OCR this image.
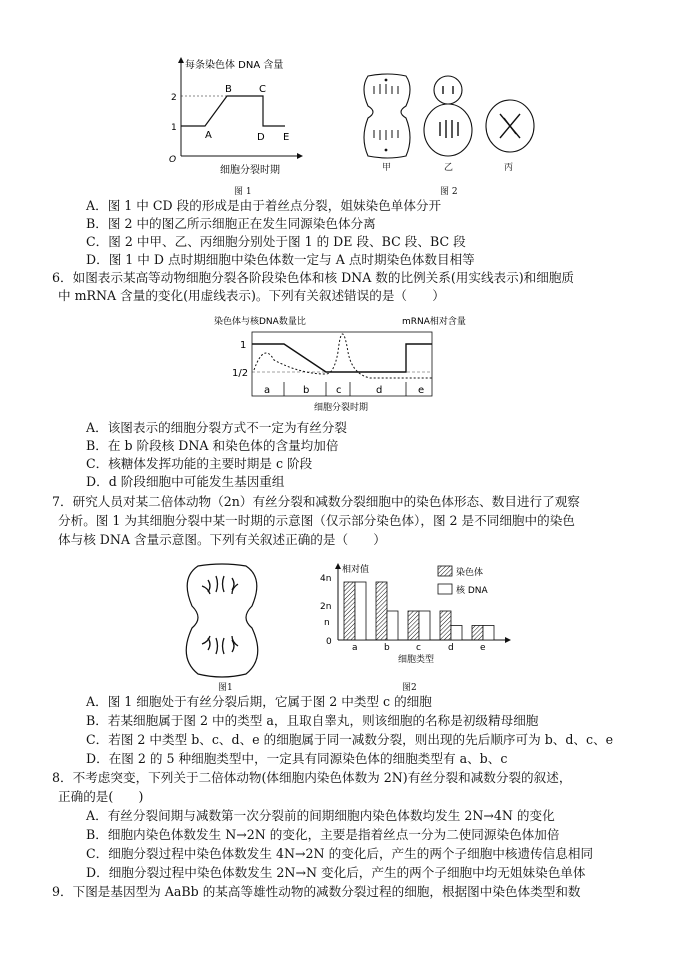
每条染色体 DNA 含量
2
1
O
A
B	C
D E
细胞分裂时期
图 1
甲	乙	丙
图 2
A．图 1 中 CD 段的形成是由于着丝点分裂，姐妹染色单体分开
B．图 2 中的图乙所示细胞正在发生同源染色体分离
C．图 2 中甲、乙、丙细胞分别处于图 1 的 DE 段、BC 段、BC 段
D．图 1 中 D 点时期细胞中染色体数一定与 A 点时期染色体数目相等
6．如图表示某高等动物细胞分裂各阶段染色体和核 DNA 数的比例关系(用实线表示)和细胞质
中 mRNA 含量的变化(用虚线表示)。下列有关叙述错误的是（　　）
染色体与核DNA数量比	mRNA相对含量
1
1/2
a	b	c	d	e
细胞分裂时期
A．该图表示的细胞分裂方式不一定为有丝分裂
B．在 b 阶段核 DNA 和染色体的含量均加倍
C．核糖体发挥功能的主要时期是 c 阶段
D．d 阶段细胞中可能发生基因重组
7．研究人员对某二倍体动物（2n）有丝分裂和减数分裂细胞中的染色体形态、数目进行了观察
分析。图 1 为其细胞分裂中某一时期的示意图（仅示部分染色体），图 2 是不同细胞中的染色
体与核 DNA 含量示意图。下列有关叙述正确的是（　　）
图1
相对值
4n
2n
n
0
染色体
核 DNA
a	b	c	d	e
细胞类型
图2
A．图 1 细胞处于有丝分裂后期，它属于图 2 中类型 c 的细胞
B．若某细胞属于图 2 中的类型 a，且取自睾丸，则该细胞的名称是初级精母细胞
C．若图 2 中类型 b、c、d、e 的细胞属于同一减数分裂，则出现的先后顺序可为 b、d、c、e
D．在图 2 的 5 种细胞类型中，一定具有同源染色体的细胞类型有 a、b、c
8．不考虑突变，下列关于二倍体动物(体细胞内染色体数为 2N)有丝分裂和减数分裂的叙述，
正确的是(　　)
A．有丝分裂间期与减数第一次分裂前的间期细胞内染色体数均发生 2N→4N 的变化
B．细胞内染色体数发生 N→2N 的变化，主要是指着丝点一分为二使同源染色体加倍
C．细胞分裂过程中染色体数发生 4N→2N 的变化后，产生的两个子细胞中核遗传信息相同
D．细胞分裂过程中染色体数发生 2N→N 变化后，产生的两个子细胞中均无姐妹染色单体
9．下图是基因型为 AaBb 的某高等雄性动物的减数分裂过程的细胞，根据图中染色体类型和数
